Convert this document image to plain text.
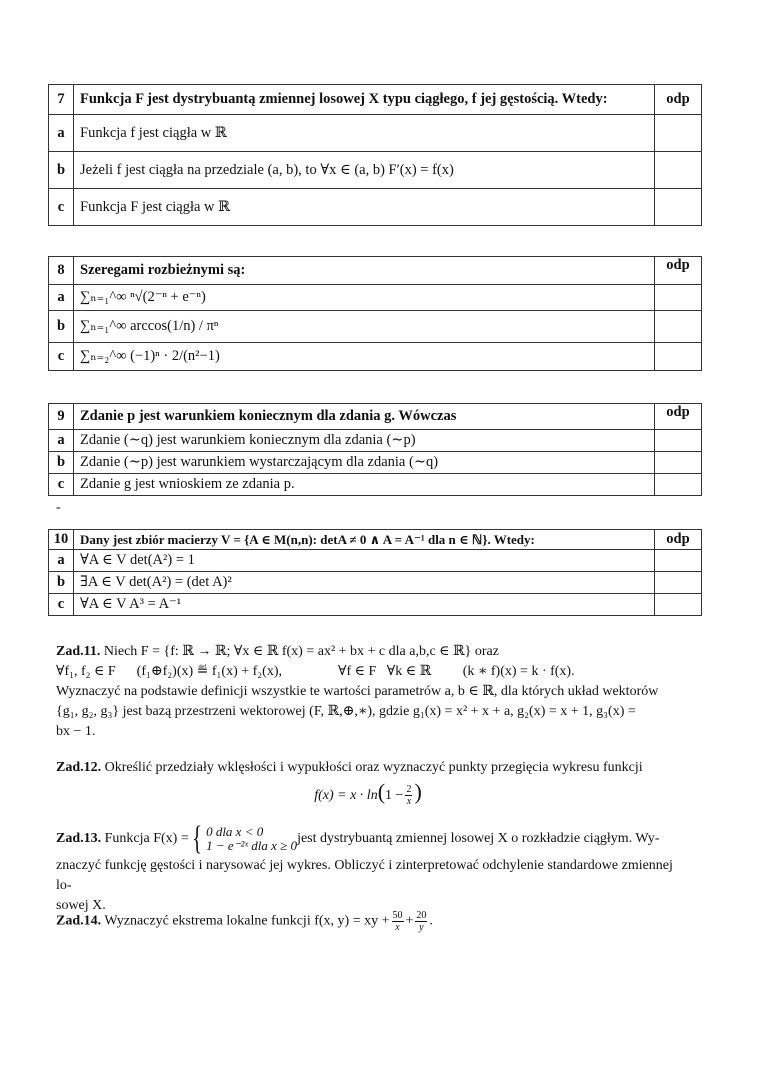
7	Funkcja F jest dystrybuantą zmiennej losowej X typu ciągłego, f jej gęstością. Wtedy:	odp
a	Funkcja f jest ciągła w ℝ	
b	Jeżeli f jest ciągła na przedziale (a, b), to ∀x ∈ (a, b) F′(x) = f(x)	
c	Funkcja F jest ciągła w ℝ	
8	Szeregami rozbieżnymi są:	odp
a	∑ₙ₌₁^∞ ⁿ√(2⁻ⁿ + e⁻ⁿ)	
b	∑ₙ₌₁^∞ arccos(1/n) / πⁿ	
c	∑ₙ₌₂^∞ (−1)ⁿ · 2/(n²−1)	
9	Zdanie p jest warunkiem koniecznym dla zdania g. Wówczas	odp
a	Zdanie (∼q) jest warunkiem koniecznym dla zdania (∼p)	
b	Zdanie (∼p) jest warunkiem wystarczającym dla zdania (∼q)	
c	Zdanie g jest wnioskiem ze zdania p.	
-
10	Dany jest zbiór macierzy V = {A ∈ M(n,n): detA ≠ 0 ∧ A = A⁻¹ dla n ∈ ℕ}. Wtedy:	odp
a	∀A ∈ V det(A²) = 1	
b	∃A ∈ V det(A²) = (det A)²	
c	∀A ∈ V A³ = A⁻¹	
Zad.11. Niech F = {f: ℝ → ℝ; ∀x ∈ ℝ f(x) = ax² + bx + c dla a,b,c ∈ ℝ} oraz
∀f₁, f₂ ∈ F      (f₁⊕f₂)(x) ≝ f₁(x) + f₂(x),                ∀f ∈ F   ∀k ∈ ℝ         (k ∗ f)(x) = k · f(x).
Wyznaczyć na podstawie definicji wszystkie te wartości parametrów a, b ∈ ℝ, dla których układ wektorów
{g₁, g₂, g₃} jest bazą przestrzeni wektorowej (F, ℝ,⊕,∗), gdzie g₁(x) = x² + x + a, g₂(x) = x + 1, g₃(x) =
bx − 1.
Zad.12. Określić przedziały wklęsłości i wypukłości oraz wyznaczyć punkty przegięcia wykresu funkcji
$f(x) = x \cdot \ln(1 - \frac{2}{x}$ )
Zad.13.
Funkcja F(x) = { 0 dla x < 0
1 − e⁻²ˣ dla x ≥ 0 jest dystrybuantą zmiennej losowej X o rozkładzie ciągłym. Wy-
znaczyć funkcję gęstości i narysować jej wykres. Obliczyć i zinterpretować odchylenie standardowe zmiennej lo-
sowej X.
Zad.14. Wyznaczyć ekstrema lokalne funkcji f(x, y) = xy + $\frac{50}{x} + \frac{20}{y}$ .
